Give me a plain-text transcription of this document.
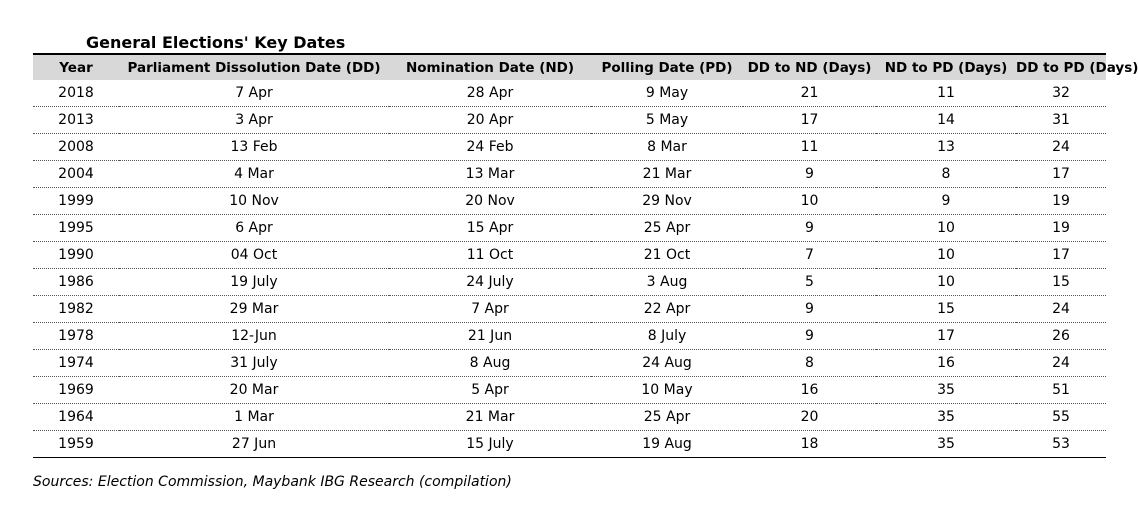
General Elections' Key Dates
Year	Parliament Dissolution Date (DD)	Nomination Date (ND)	Polling Date (PD)	DD to ND (Days)	ND to PD (Days)	DD to PD (Days)
2018	7 Apr	28 Apr	9 May	21	11	32
2013	3 Apr	20 Apr	5 May	17	14	31
2008	13 Feb	24 Feb	8 Mar	11	13	24
2004	4 Mar	13 Mar	21 Mar	9	8	17
1999	10 Nov	20 Nov	29 Nov	10	9	19
1995	6 Apr	15 Apr	25 Apr	9	10	19
1990	04 Oct	11 Oct	21 Oct	7	10	17
1986	19 July	24 July	3 Aug	5	10	15
1982	29 Mar	7 Apr	22 Apr	9	15	24
1978	12-Jun	21 Jun	8 July	9	17	26
1974	31 July	8 Aug	24 Aug	8	16	24
1969	20 Mar	5 Apr	10 May	16	35	51
1964	1 Mar	21 Mar	25 Apr	20	35	55
1959	27 Jun	15 July	19 Aug	18	35	53
Sources: Election Commission, Maybank IBG Research (compilation)
